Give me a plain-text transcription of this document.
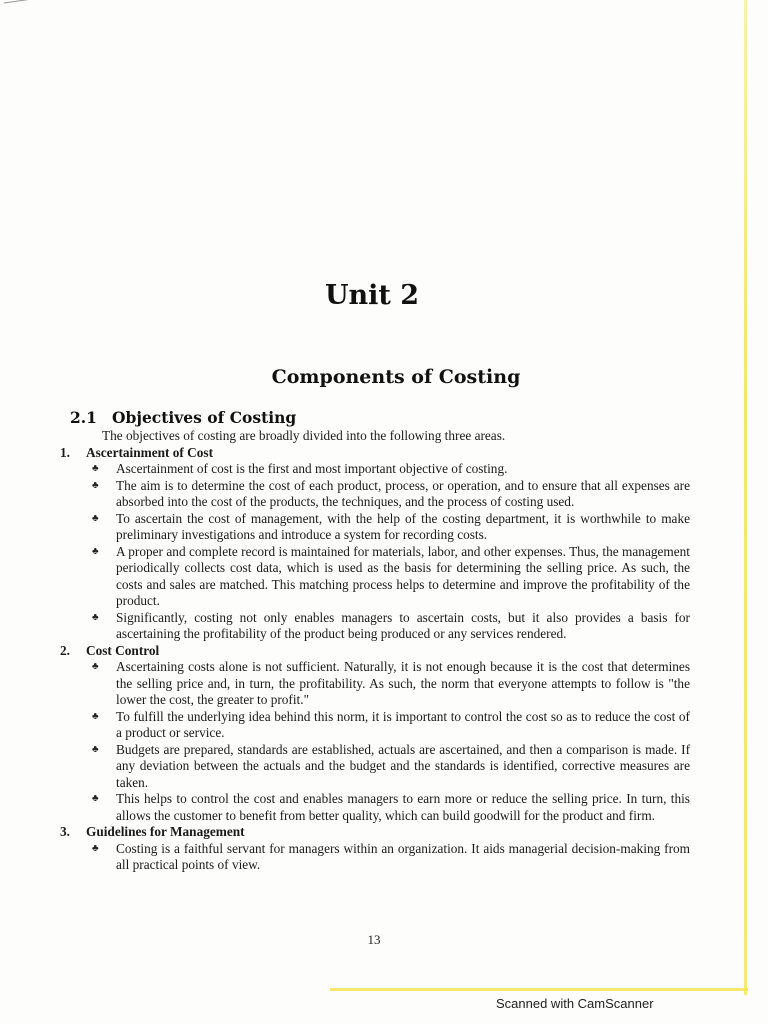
Unit 2
Components of Costing
2.1 Objectives of Costing

The objectives of costing are broadly divided into the following three areas.

1.	Ascertainment of Cost

♣	Ascertainment of cost is the first and most important objective of costing.
♣	The aim is to determine the cost of each product, process, or operation, and to ensure that all expenses are absorbed into the cost of the products, the techniques, and the process of costing used.
♣	To ascertain the cost of management, with the help of the costing department, it is worthwhile to make preliminary investigations and introduce a system for recording costs.
♣	A proper and complete record is maintained for materials, labor, and other expenses. Thus, the management periodically collects cost data, which is used as the basis for determining the selling price. As such, the costs and sales are matched. This matching process helps to determine and improve the profitability of the product.
♣	Significantly, costing not only enables managers to ascertain costs, but it also provides a basis for ascertaining the profitability of the product being produced or any services rendered.

2.	Cost Control

♣	Ascertaining costs alone is not sufficient. Naturally, it is not enough because it is the cost that determines the selling price and, in turn, the profitability. As such, the norm that everyone attempts to follow is "the lower the cost, the greater to profit."
♣	To fulfill the underlying idea behind this norm, it is important to control the cost so as to reduce the cost of a product or service.
♣	Budgets are prepared, standards are established, actuals are ascertained, and then a comparison is made. If any deviation between the actuals and the budget and the standards is identified, corrective measures are taken.
♣	This helps to control the cost and enables managers to earn more or reduce the selling price. In turn, this allows the customer to benefit from better quality, which can build goodwill for the product and firm.

3.	Guidelines for Management

♣	Costing is a faithful servant for managers within an organization. It aids managerial decision-making from all practical points of view.
13
Scanned with CamScanner
